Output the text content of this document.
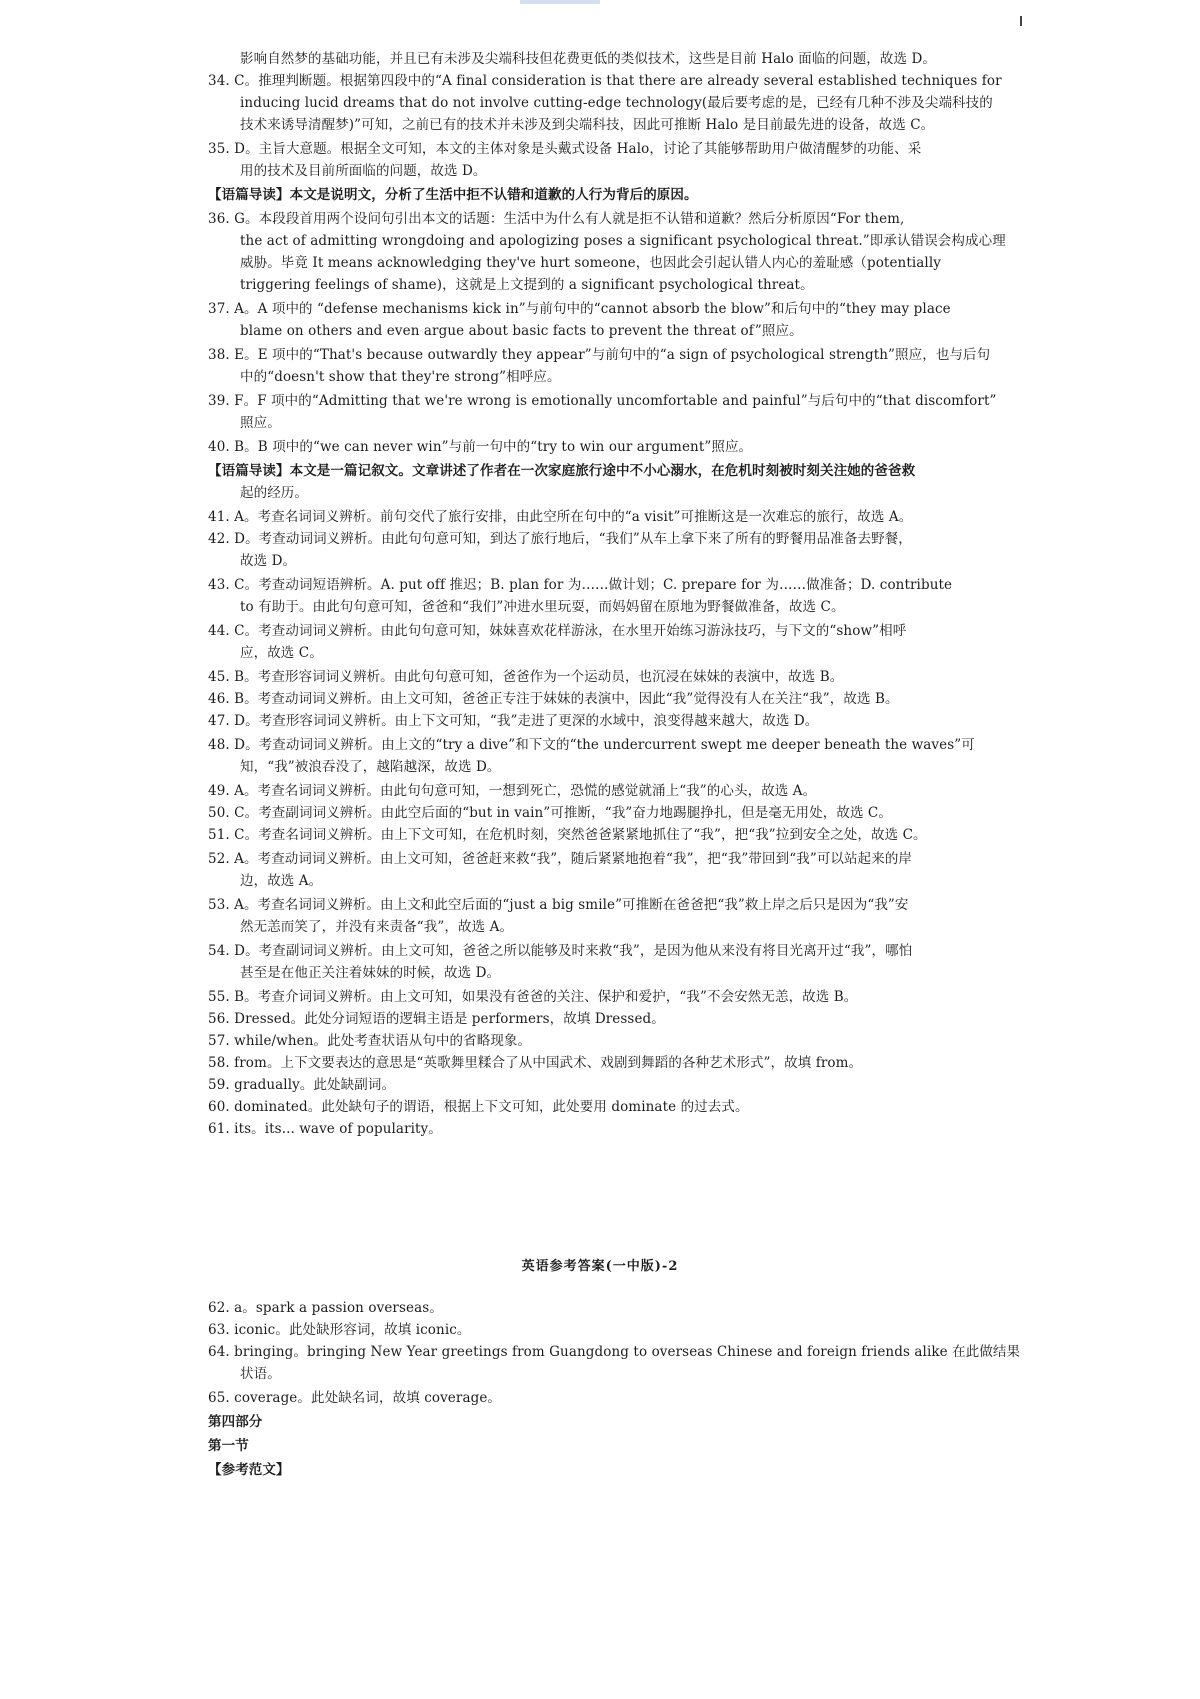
影响自然梦的基础功能，并且已有未涉及尖端科技但花费更低的类似技术，这些是目前 Halo 面临的问题，故选 D。
34. C。推理判断题。根据第四段中的“A final consideration is that there are already several established techniques for
inducing lucid dreams that do not involve cutting-edge technology(最后要考虑的是，已经有几种不涉及尖端科技的
技术来诱导清醒梦)”可知，之前已有的技术并未涉及到尖端科技，因此可推断 Halo 是目前最先进的设备，故选 C。
35. D。主旨大意题。根据全文可知，本文的主体对象是头戴式设备 Halo，讨论了其能够帮助用户做清醒梦的功能、采
用的技术及目前所面临的问题，故选 D。
【语篇导读】本文是说明文，分析了生活中拒不认错和道歉的人行为背后的原因。
36. G。本段段首用两个设问句引出本文的话题：生活中为什么有人就是拒不认错和道歉？然后分析原因“For them,
the act of admitting wrongdoing and apologizing poses a significant psychological threat.”即承认错误会构成心理
威胁。毕竟 It means acknowledging they've hurt someone，也因此会引起认错人内心的羞耻感（potentially
triggering feelings of shame)，这就是上文提到的 a significant psychological threat。
37. A。A 项中的 “defense mechanisms kick in”与前句中的“cannot absorb the blow”和后句中的“they may place
blame on others and even argue about basic facts to prevent the threat of”照应。
38. E。E 项中的“That's because outwardly they appear”与前句中的“a sign of psychological strength”照应，也与后句
中的“doesn't show that they're strong”相呼应。
39. F。F 项中的“Admitting that we're wrong is emotionally uncomfortable and painful”与后句中的“that discomfort”
照应。
40. B。B 项中的“we can never win”与前一句中的“try to win our argument”照应。
【语篇导读】本文是一篇记叙文。文章讲述了作者在一次家庭旅行途中不小心溺水，在危机时刻被时刻关注她的爸爸救
起的经历。
41. A。考查名词词义辨析。前句交代了旅行安排，由此空所在句中的“a visit”可推断这是一次难忘的旅行，故选 A。
42. D。考查动词词义辨析。由此句句意可知，到达了旅行地后，“我们”从车上拿下来了所有的野餐用品准备去野餐，
故选 D。
43. C。考查动词短语辨析。A. put off 推迟；B. plan for 为……做计划；C. prepare for 为……做准备；D. contribute
to 有助于。由此句句意可知，爸爸和“我们”冲进水里玩耍，而妈妈留在原地为野餐做准备，故选 C。
44. C。考查动词词义辨析。由此句句意可知，妹妹喜欢花样游泳，在水里开始练习游泳技巧，与下文的“show”相呼
应，故选 C。
45. B。考查形容词词义辨析。由此句句意可知，爸爸作为一个运动员，也沉浸在妹妹的表演中，故选 B。
46. B。考查动词词义辨析。由上文可知，爸爸正专注于妹妹的表演中，因此“我”觉得没有人在关注“我”，故选 B。
47. D。考查形容词词义辨析。由上下文可知，“我”走进了更深的水域中，浪变得越来越大，故选 D。
48. D。考查动词词义辨析。由上文的“try a dive”和下文的“the undercurrent swept me deeper beneath the waves”可
知，“我”被浪吞没了，越陷越深，故选 D。
49. A。考查名词词义辨析。由此句句意可知，一想到死亡，恐慌的感觉就涌上“我”的心头，故选 A。
50. C。考查副词词义辨析。由此空后面的“but in vain”可推断，“我”奋力地踢腿挣扎，但是毫无用处，故选 C。
51. C。考查名词词义辨析。由上下文可知，在危机时刻，突然爸爸紧紧地抓住了“我”，把“我”拉到安全之处，故选 C。
52. A。考查动词词义辨析。由上文可知，爸爸赶来救“我”，随后紧紧地抱着“我”，把“我”带回到“我”可以站起来的岸
边，故选 A。
53. A。考查名词词义辨析。由上文和此空后面的“just a big smile”可推断在爸爸把“我”救上岸之后只是因为“我”安
然无恙而笑了，并没有来责备“我”，故选 A。
54. D。考查副词词义辨析。由上文可知，爸爸之所以能够及时来救“我”，是因为他从来没有将目光离开过“我”，哪怕
甚至是在他正关注着妹妹的时候，故选 D。
55. B。考查介词词义辨析。由上文可知，如果没有爸爸的关注、保护和爱护，“我”不会安然无恙，故选 B。
56. Dressed。此处分词短语的逻辑主语是 performers，故填 Dressed。
57. while/when。此处考查状语从句中的省略现象。
58. from。上下文要表达的意思是“英歌舞里糅合了从中国武术、戏剧到舞蹈的各种艺术形式”，故填 from。
59. gradually。此处缺副词。
60. dominated。此处缺句子的谓语，根据上下文可知，此处要用 dominate 的过去式。
61. its。its... wave of popularity。
英语参考答案(一中版)-2
62. a。spark a passion overseas。
63. iconic。此处缺形容词，故填 iconic。
64. bringing。bringing New Year greetings from Guangdong to overseas Chinese and foreign friends alike 在此做结果
状语。
65. coverage。此处缺名词，故填 coverage。
第四部分
第一节
【参考范文】
